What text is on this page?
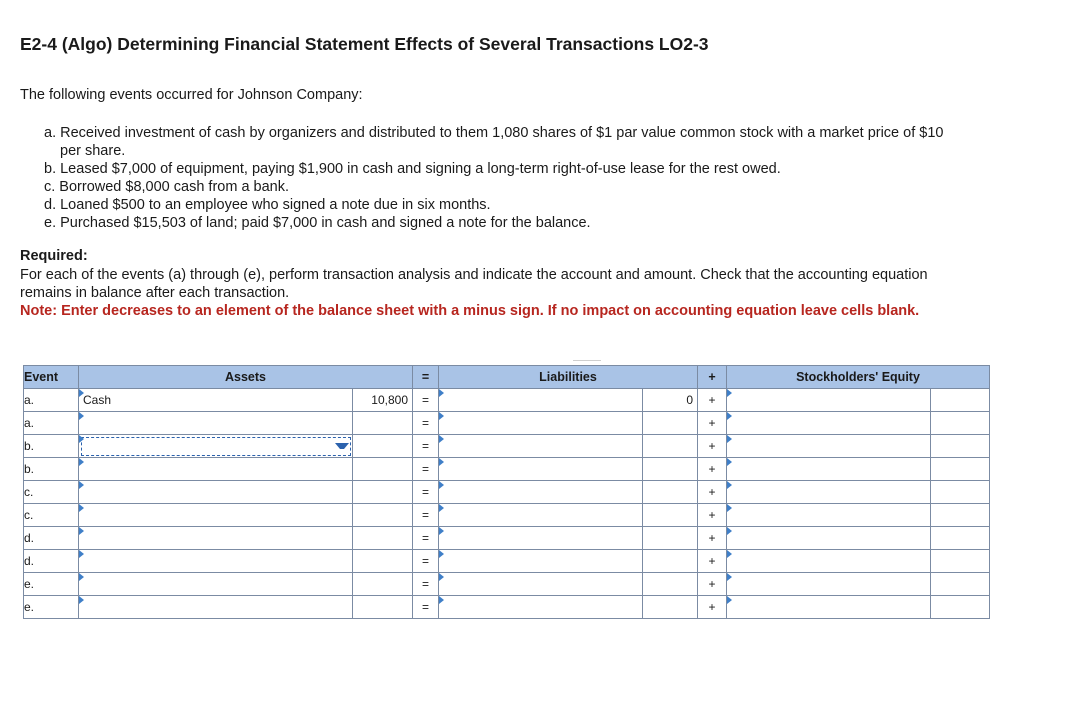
E2-4 (Algo) Determining Financial Statement Effects of Several Transactions LO2-3
The following events occurred for Johnson Company:
a. Received investment of cash by organizers and distributed to them 1,080 shares of $1 par value common stock with a market price of $10 per share.
b. Leased $7,000 of equipment, paying $1,900 in cash and signing a long-term right-of-use lease for the rest owed.
c. Borrowed $8,000 cash from a bank.
d. Loaned $500 to an employee who signed a note due in six months.
e. Purchased $15,503 of land; paid $7,000 in cash and signed a note for the balance.
Required:
For each of the events (a) through (e), perform transaction analysis and indicate the account and amount. Check that the accounting equation remains in balance after each transaction.
Note: Enter decreases to an element of the balance sheet with a minus sign. If no impact on accounting equation leave cells blank.
Event	Assets		=	Liabilities		+	Stockholders' Equity	
a.	Cash	10,800	=		0	+	

a.			=			+	

b.			=			+	

b.			=			+	

c.			=			+	

c.			=			+	

d.			=			+	

d.			=			+	

e.			=			+	

e.			=			+	
